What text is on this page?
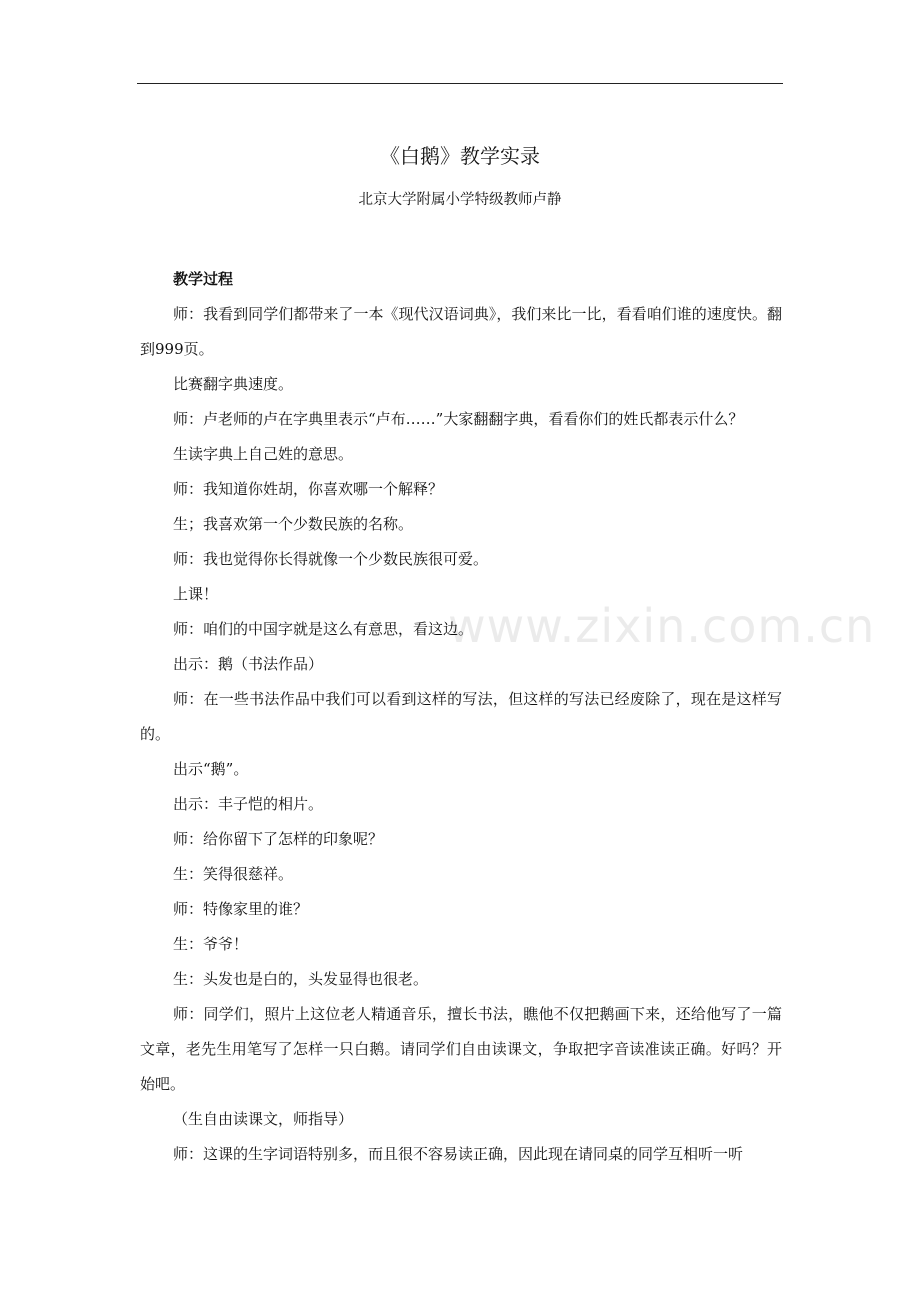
www.zixin.com.cn
《白鹅》教学实录
北京大学附属小学特级教师卢静

教学过程

师：我看到同学们都带来了一本《现代汉语词典》，我们来比一比，看看咱们谁的速度快。翻到999页。

比赛翻字典速度。

师：卢老师的卢在字典里表示“卢布……”大家翻翻字典，看看你们的姓氏都表示什么？

生读字典上自己姓的意思。

师：我知道你姓胡，你喜欢哪一个解释？

生；我喜欢第一个少数民族的名称。

师：我也觉得你长得就像一个少数民族很可爱。

上课！

师：咱们的中国字就是这么有意思，看这边。

出示：鹅（书法作品）

师：在一些书法作品中我们可以看到这样的写法，但这样的写法已经废除了，现在是这样写的。

出示“鹅”。

出示：丰子恺的相片。

师：给你留下了怎样的印象呢？

生：笑得很慈祥。

师：特像家里的谁？

生：爷爷！

生：头发也是白的，头发显得也很老。

师：同学们，照片上这位老人精通音乐，擅长书法，瞧他不仅把鹅画下来，还给他写了一篇文章，老先生用笔写了怎样一只白鹅。请同学们自由读课文，争取把字音读准读正确。好吗？开始吧。

（生自由读课文，师指导）

师：这课的生字词语特别多，而且很不容易读正确，因此现在请同桌的同学互相听一听
